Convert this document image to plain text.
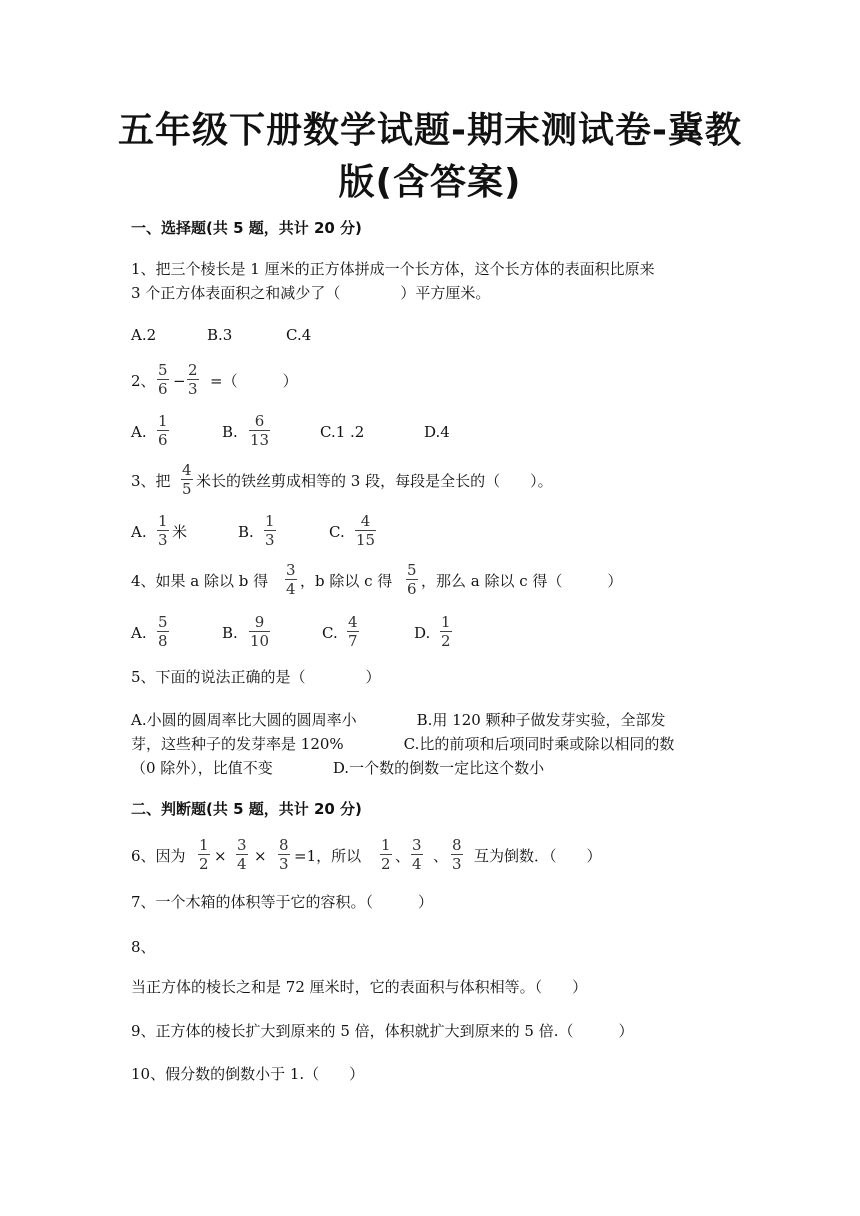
五年级下册数学试题-期末测试卷-冀教
版(含答案)
一、选择题(共 5 题，共计 20 分)
1、把三个棱长是 1 厘米的正方体拼成一个长方体，这个长方体的表面积比原来
3 个正方体表面积之和减少了（　　　　）平方厘米。
A.2	B.3	C.4
2、
5
6 −
2
3 =（　　　）
A.
1
6	B.
6
13	C.1 .2	D.4
3、把
4
5 米长的铁丝剪成相等的 3 段，每段是全长的（　　）。
A.
1
3 米	B.
1
3	C.
4
15
4、如果 a 除以 b 得
3
4 ，b 除以 c 得
5
6 ，那么 a 除以 c 得（　　　）
A.
5
8	B.
9
10	C.
4
7	D.
1
2
5、下面的说法正确的是（　　　　）
A.小圆的圆周率比大圆的圆周率小　　　　B.用 120 颗种子做发芽实验，全部发
芽，这些种子的发芽率是 120%　　　　C.比的前项和后项同时乘或除以相同的数
（0 除外），比值不变　　　　D.一个数的倒数一定比这个数小
二、判断题(共 5 题，共计 20 分)
6、因为
1
2 ×
3
4 ×
8
3 =1，所以
1
2 、
3
4 、
8
3 互为倒数．（　　）
7、一个木箱的体积等于它的容积。（　　　）
8、
当正方体的棱长之和是 72 厘米时，它的表面积与体积相等。（　　）
9、正方体的棱长扩大到原来的 5 倍，体积就扩大到原来的 5 倍.（　　　）
10、假分数的倒数小于 1.（　　）
